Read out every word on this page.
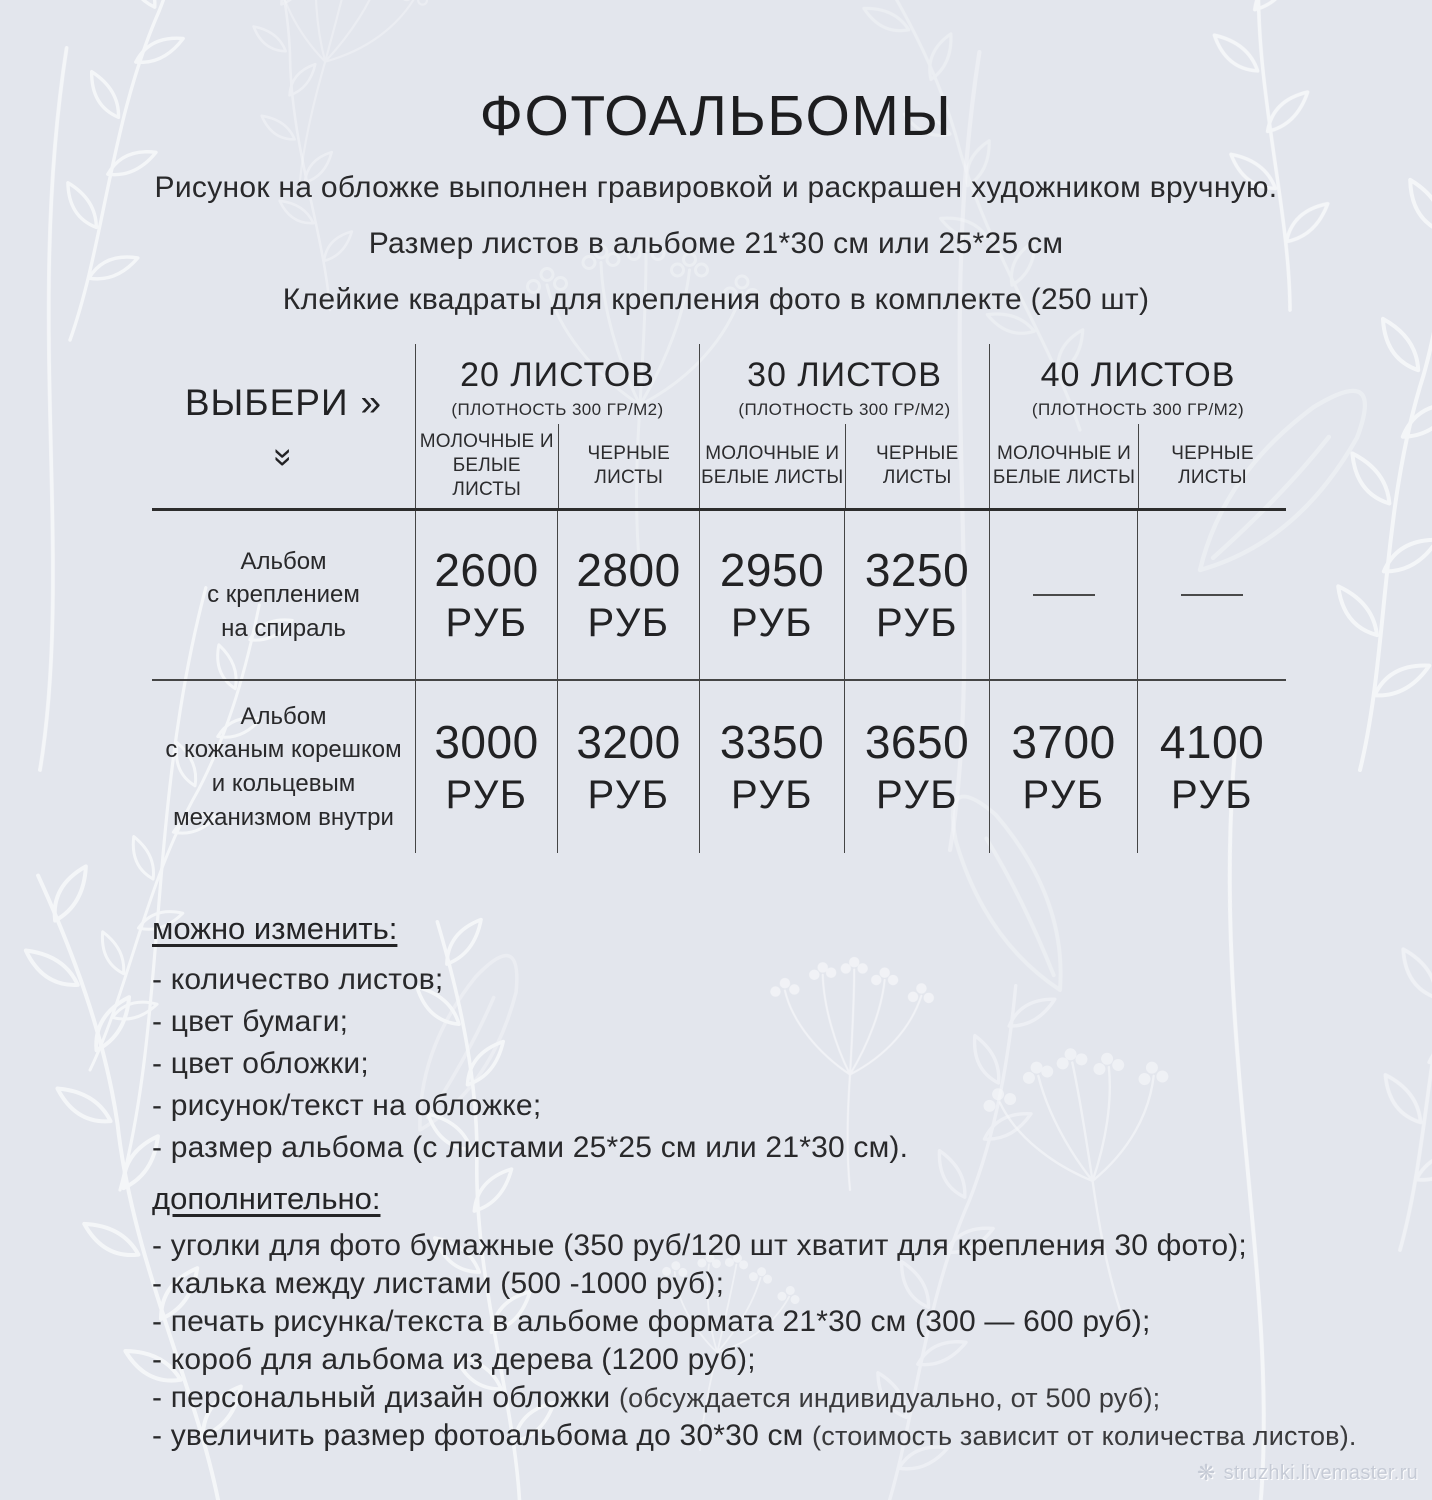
ФОТОАЛЬБОМЫ
Рисунок на обложке выполнен гравировкой и раскрашен художником вручную.
Размер листов в альбоме 21*30 см или 25*25 см
Клейкие квадраты для крепления фото в комплекте (250 шт)
ВЫБЕРИ »
»
20 ЛИСТОВ
(ПЛОТНОСТЬ 300 ГР/М2)
МОЛОЧНЫЕ И
БЕЛЫЕ ЛИСТЫ
ЧЕРНЫЕ
ЛИСТЫ
30 ЛИСТОВ
(ПЛОТНОСТЬ 300 ГР/М2)
МОЛОЧНЫЕ И
БЕЛЫЕ ЛИСТЫ
ЧЕРНЫЕ
ЛИСТЫ
40 ЛИСТОВ
(ПЛОТНОСТЬ 300 ГР/М2)
МОЛОЧНЫЕ И
БЕЛЫЕ ЛИСТЫ
ЧЕРНЫЕ
ЛИСТЫ
Альбом
с креплением
на спираль
2600
РУБ
2800
РУБ
2950
РУБ
3250
РУБ
Альбом
с кожаным корешком
и кольцевым
механизмом внутри
3000
РУБ
3200
РУБ
3350
РУБ
3650
РУБ
3700
РУБ
4100
РУБ
можно изменить:
- количество листов;
- цвет бумаги;
- цвет обложки;
- рисунок/текст на обложке;
- размер альбома (с листами 25*25 см или 21*30 см).
дополнительно:
- уголки для фото бумажные (350 руб/120 шт хватит для крепления 30 фото);
- калька между листами (500 -1000 руб);
- печать рисунка/текста в альбоме формата 21*30 см (300 — 600 руб);
- короб для альбома из дерева (1200 руб);
- персональный дизайн обложки (обсуждается индивидуально, от 500 руб);
- увеличить размер фотоальбома до 30*30 см (стоимость зависит от количества листов).
❋ struzhki.livemaster.ru
